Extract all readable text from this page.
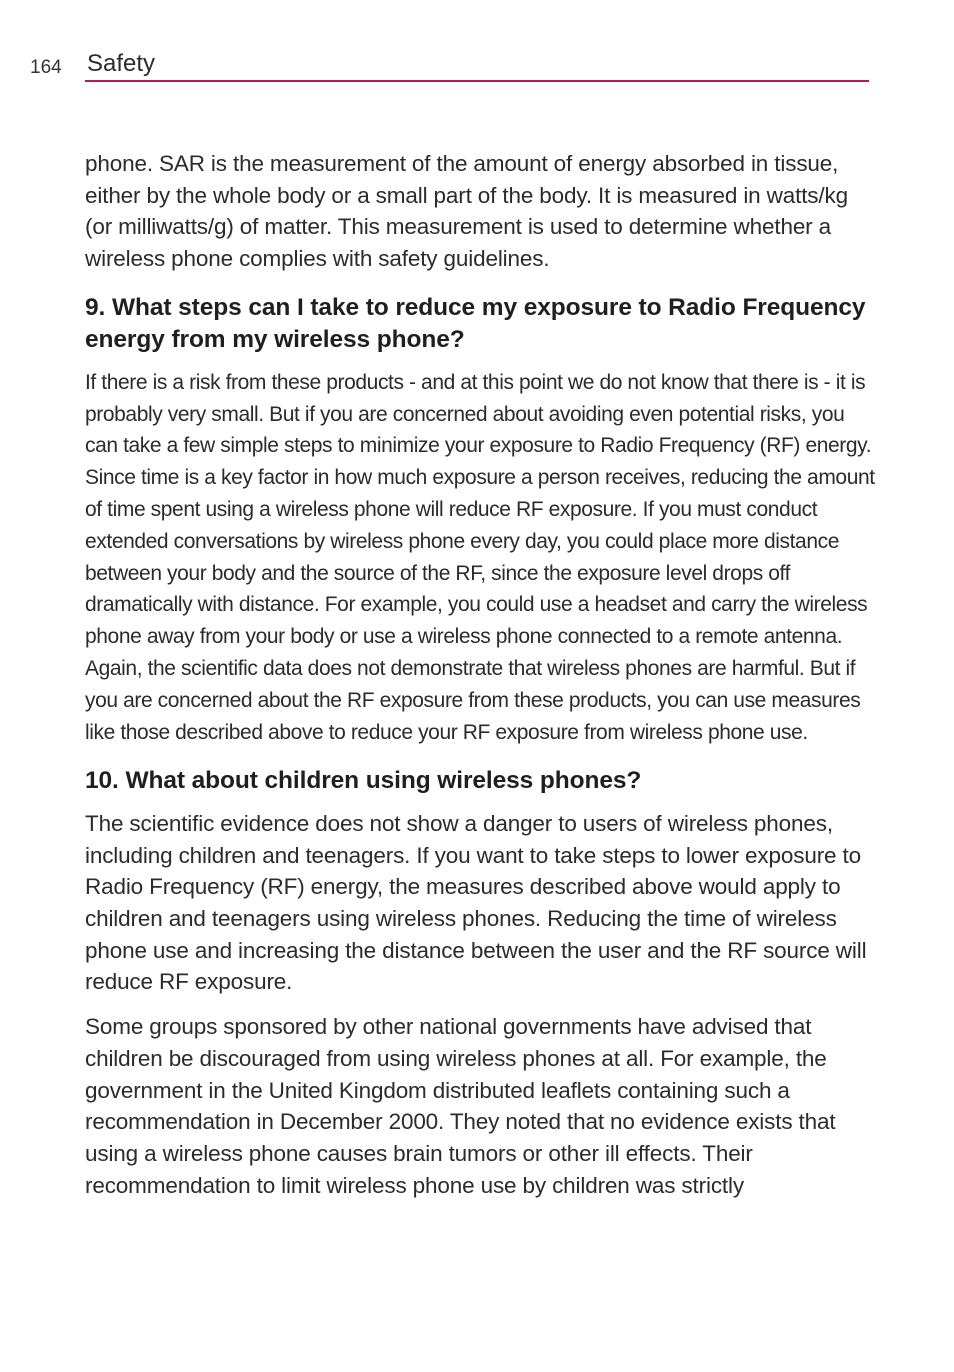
164 Safety

phone. SAR is the measurement of the amount of energy absorbed in tissue, either by the whole body or a small part of the body. It is measured in watts/kg (or milliwatts/g) of matter. This measurement is used to determine whether a wireless phone complies with safety guidelines.

9. What steps can I take to reduce my exposure to Radio Frequency energy from my wireless phone?

If there is a risk from these products - and at this point we do not know that there is - it is probably very small. But if you are concerned about avoiding even potential risks, you can take a few simple steps to minimize your exposure to Radio Frequency (RF) energy. Since time is a key factor in how much exposure a person receives, reducing the amount of time spent using a wireless phone will reduce RF exposure. If you must conduct extended conversations by wireless phone every day, you could place more distance between your body and the source of the RF, since the exposure level drops off dramatically with distance. For example, you could use a headset and carry the wireless phone away from your body or use a wireless phone connected to a remote antenna. Again, the scientific data does not demonstrate that wireless phones are harmful. But if you are concerned about the RF exposure from these products, you can use measures like those described above to reduce your RF exposure from wireless phone use.

10. What about children using wireless phones?

The scientific evidence does not show a danger to users of wireless phones, including children and teenagers. If you want to take steps to lower exposure to Radio Frequency (RF) energy, the measures described above would apply to children and teenagers using wireless phones. Reducing the time of wireless phone use and increasing the distance between the user and the RF source will reduce RF exposure.

Some groups sponsored by other national governments have advised that children be discouraged from using wireless phones at all. For example, the government in the United Kingdom distributed leaflets containing such a recommendation in December 2000. They noted that no evidence exists that using a wireless phone causes brain tumors or other ill effects. Their recommendation to limit wireless phone use by children was strictly
